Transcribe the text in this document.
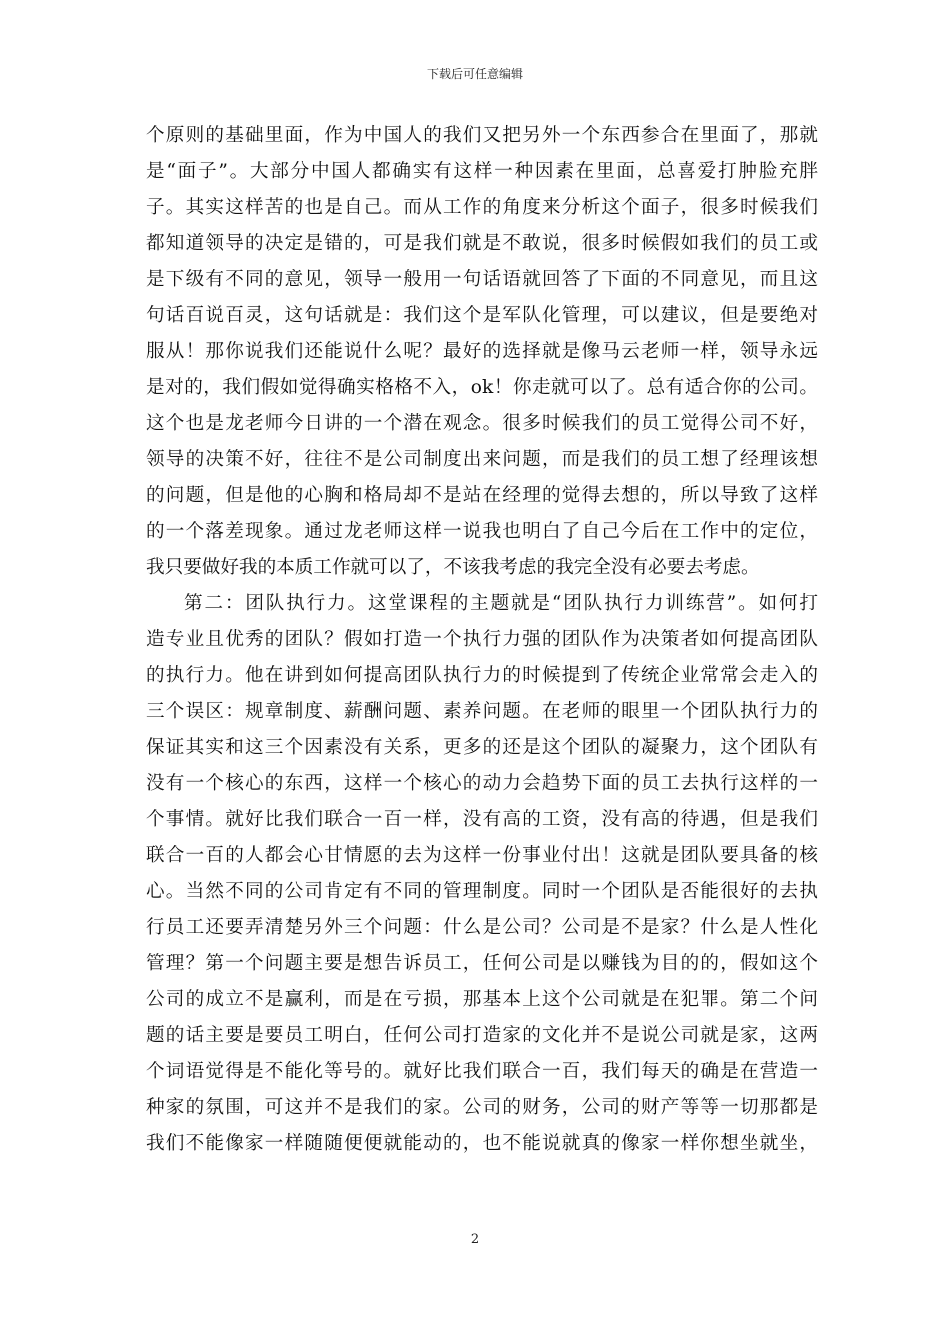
下载后可任意编辑
个原则的基础里面，作为中国人的我们又把另外一个东西参合在里面了，那就
是“面子”。大部分中国人都确实有这样一种因素在里面，总喜爱打肿脸充胖
子。其实这样苦的也是自己。而从工作的角度来分析这个面子，很多时候我们
都知道领导的决定是错的，可是我们就是不敢说，很多时候假如我们的员工或
是下级有不同的意见，领导一般用一句话语就回答了下面的不同意见，而且这
句话百说百灵，这句话就是：我们这个是军队化管理，可以建议，但是要绝对
服从！那你说我们还能说什么呢？最好的选择就是像马云老师一样，领导永远
是对的，我们假如觉得确实格格不入，ok！你走就可以了。总有适合你的公司。
这个也是龙老师今日讲的一个潜在观念。很多时候我们的员工觉得公司不好，
领导的决策不好，往往不是公司制度出来问题，而是我们的员工想了经理该想
的问题，但是他的心胸和格局却不是站在经理的觉得去想的，所以导致了这样
的一个落差现象。通过龙老师这样一说我也明白了自己今后在工作中的定位，
我只要做好我的本质工作就可以了，不该我考虑的我完全没有必要去考虑。
第二：团队执行力。这堂课程的主题就是“团队执行力训练营”。如何打
造专业且优秀的团队？假如打造一个执行力强的团队作为决策者如何提高团队
的执行力。他在讲到如何提高团队执行力的时候提到了传统企业常常会走入的
三个误区：规章制度、薪酬问题、素养问题。在老师的眼里一个团队执行力的
保证其实和这三个因素没有关系，更多的还是这个团队的凝聚力，这个团队有
没有一个核心的东西，这样一个核心的动力会趋势下面的员工去执行这样的一
个事情。就好比我们联合一百一样，没有高的工资，没有高的待遇，但是我们
联合一百的人都会心甘情愿的去为这样一份事业付出！这就是团队要具备的核
心。当然不同的公司肯定有不同的管理制度。同时一个团队是否能很好的去执
行员工还要弄清楚另外三个问题：什么是公司？公司是不是家？什么是人性化
管理？第一个问题主要是想告诉员工，任何公司是以赚钱为目的的，假如这个
公司的成立不是赢利，而是在亏损，那基本上这个公司就是在犯罪。第二个问
题的话主要是要员工明白，任何公司打造家的文化并不是说公司就是家，这两
个词语觉得是不能化等号的。就好比我们联合一百，我们每天的确是在营造一
种家的氛围，可这并不是我们的家。公司的财务，公司的财产等等一切那都是
我们不能像家一样随随便便就能动的，也不能说就真的像家一样你想坐就坐，
2
